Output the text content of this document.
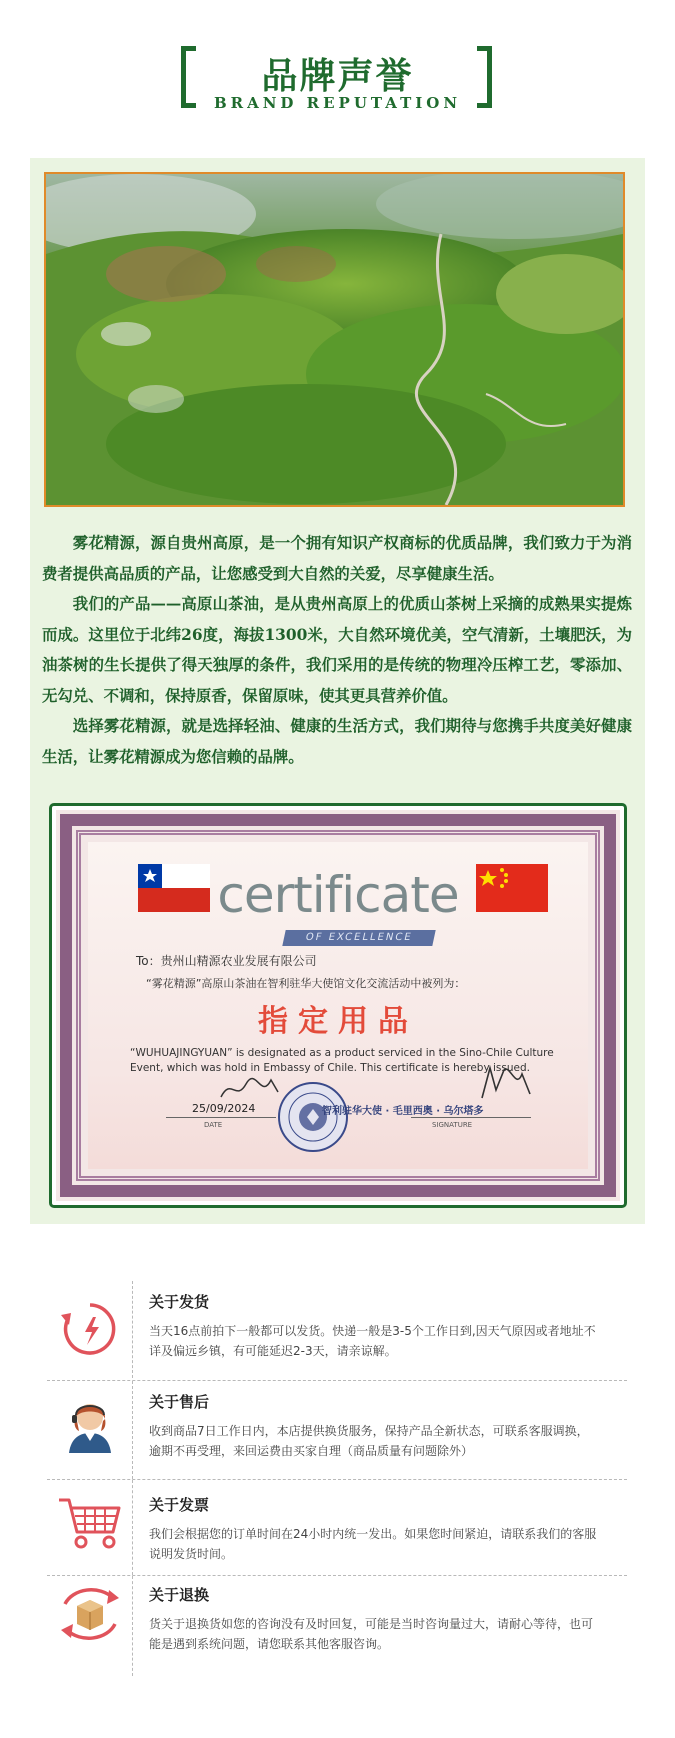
品牌声誉
BRAND REPUTATION

雾花精源，源自贵州高原，是一个拥有知识产权商标的优质品牌，我们致力于为消费者提供高品质的产品，让您感受到大自然的关爱，尽享健康生活。

我们的产品——高原山茶油，是从贵州高原上的优质山茶树上采摘的成熟果实提炼而成。这里位于北纬26度，海拔1300米，大自然环境优美，空气清新，土壤肥沃，为油茶树的生长提供了得天独厚的条件，我们采用的是传统的物理冷压榨工艺，零添加、无勾兑、不调和，保持原香，保留原味，使其更具营养价值。

选择雾花精源，就是选择轻油、健康的生活方式，我们期待与您携手共度美好健康生活，让雾花精源成为您信赖的品牌。

certificate
OF EXCELLENCE
To：贵州山精源农业发展有限公司
“雾花精源”高原山茶油在智利驻华大使馆文化交流活动中被列为：
指定用品
“WUHUAJINGYUAN” is designated as a product serviced in the Sino-Chile Culture Event, which was hold in Embassy of Chile. This certificate is hereby issued.
25/09/2024
DATE
智利驻华大使 · 毛里西奥 · 乌尔塔多
SIGNATURE
关于发货
当天16点前拍下一般都可以发货。快递一般是3-5个工作日到,因天气原因或者地址不详及偏远乡镇，有可能延迟2-3天，请亲谅解。
关于售后
收到商品7日工作日内，本店提供换货服务，保持产品全新状态，可联系客服调换，逾期不再受理，来回运费由买家自理（商品质量有问题除外）
关于发票
我们会根据您的订单时间在24小时内统一发出。如果您时间紧迫，请联系我们的客服说明发货时间。
关于退换
货关于退换货如您的咨询没有及时回复，可能是当时咨询量过大，请耐心等待，也可能是遇到系统问题，请您联系其他客服咨询。
